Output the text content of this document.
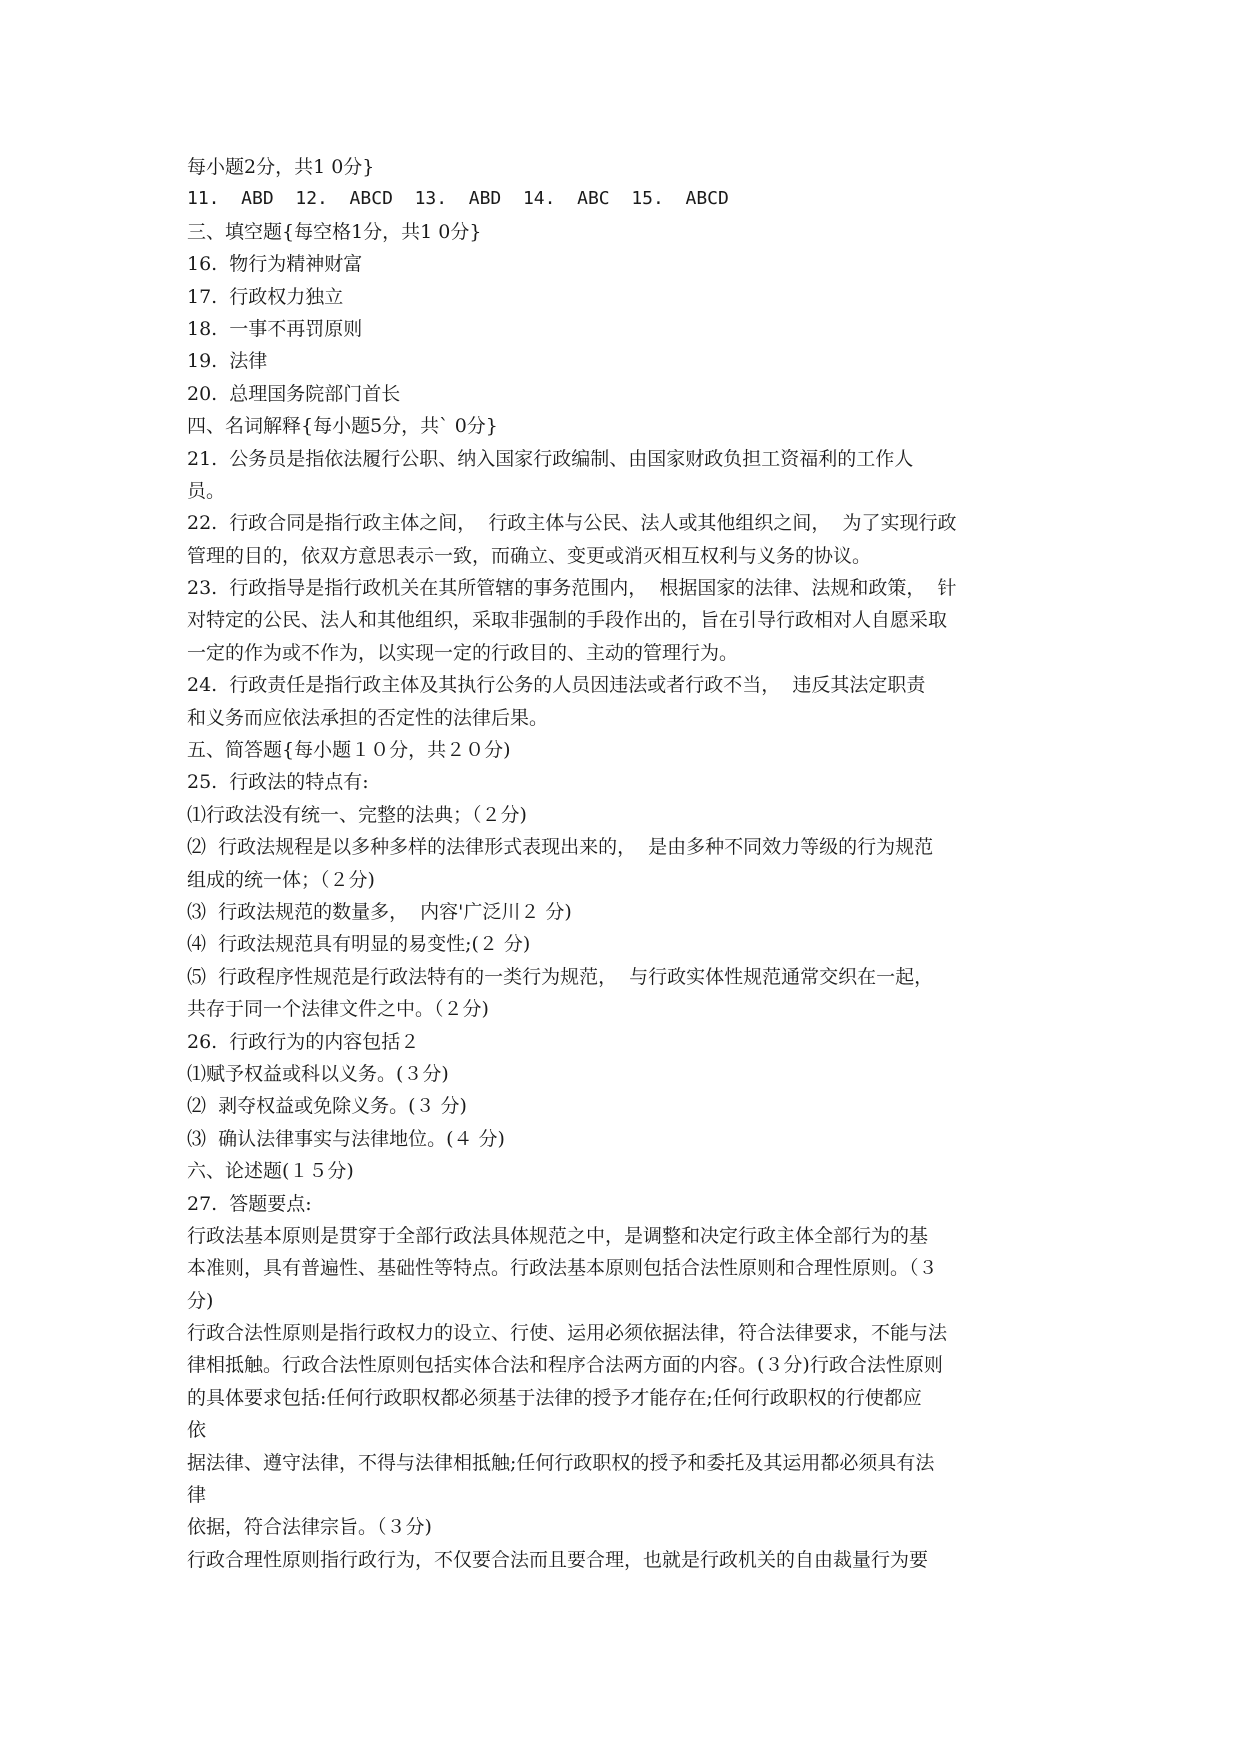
每小题2分，共1 0分}
11.  ABD  12.  ABCD  13.  ABD  14.  ABC  15.  ABCD
三、填空题{每空格1分，共1 0分}
16.  物行为精神财富
17.  行政权力独立
18.  一事不再罚原则
19.  法律
20.  总理国务院部门首长
四、名词解释{每小题5分，共` 0分}
21.  公务员是指依法履行公职、纳入国家行政编制、由国家财政负担工资福利的工作人
员。
22.  行政合同是指行政主体之间，  行政主体与公民、法人或其他组织之间，  为了实现行政
管理的目的，依双方意思表示一致，而确立、变更或消灭相互权利与义务的协议。
23.  行政指导是指行政机关在其所管辖的事务范围内，  根据国家的法律、法规和政策，  针
对特定的公民、法人和其他组织，采取非强制的手段作出的，旨在引导行政相对人自愿采取
一定的作为或不作为，以实现一定的行政目的、主动的管理行为。
24.  行政责任是指行政主体及其执行公务的人员因违法或者行政不当，  违反其法定职责
和义务而应依法承担的否定性的法律后果。
五、简答题{每小题１０分，共２０分)
25.  行政法的特点有:
⑴行政法没有统一、完整的法典；（２分)
⑵  行政法规程是以多种多样的法律形式表现出来的，  是由多种不同效力等级的行为规范
组成的统一体；（２分)
⑶  行政法规范的数量多，  内容'广泛川２ 分)
⑷  行政法规范具有明显的易变性;(２ 分)
⑸  行政程序性规范是行政法特有的一类行为规范，  与行政实体性规范通常交织在一起，
共存于同一个法律文件之中。（２分)
26.  行政行为的内容包括２
⑴赋予权益或科以义务。(３分)
⑵  剥夺权益或免除义务。(３ 分)
⑶  确认法律事实与法律地位。(４ 分)
六、论述题(１５分)
27.  答题要点:
行政法基本原则是贯穿于全部行政法具体规范之中，是调整和决定行政主体全部行为的基
本准则，具有普遍性、基础性等特点。行政法基本原则包括合法性原则和合理性原则。（３
分)
行政合法性原则是指行政权力的设立、行使、运用必须依据法律，符合法律要求，不能与法
律相抵触。行政合法性原则包括实体合法和程序合法两方面的内容。(３分)行政合法性原则
的具体要求包括:任何行政职权都必须基于法律的授予才能存在;任何行政职权的行使都应
依
据法律、遵守法律，不得与法律相抵触;任何行政职权的授予和委托及其运用都必须具有法
律
依据，符合法律宗旨。（３分)
行政合理性原则指行政行为，不仅要合法而且要合理，也就是行政机关的自由裁量行为要
